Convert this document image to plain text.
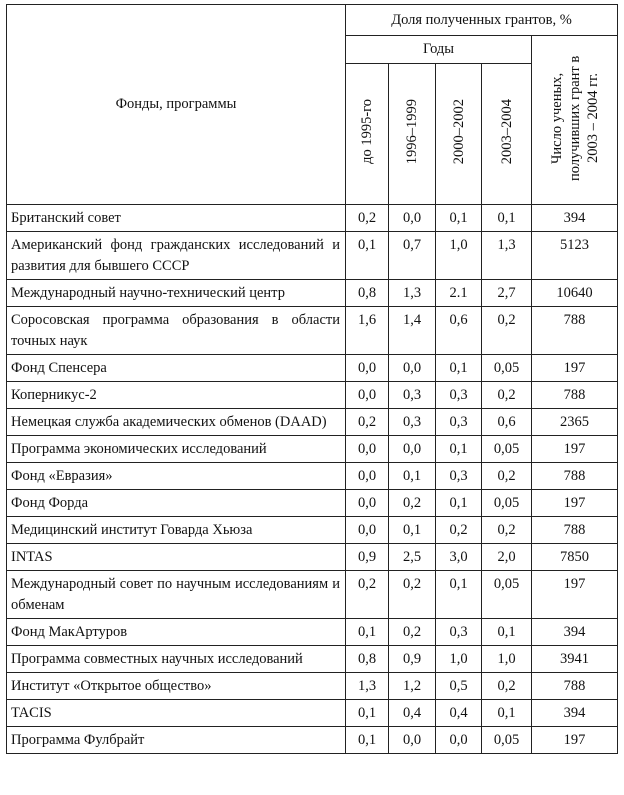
Фонды, программы	Доля полученных грантов, %				
	Годы				Число ученых, получивших грант в 2003 – 2004 гг.
	до 1995-го	1996–1999	2000–2002	2003–2004	
Британский совет	0,2	0,0	0,1	0,1	394
Американский фонд гражданских исследований и развития для бывшего СССР	0,1	0,7	1,0	1,3	5123
Международный научно-технический центр	0,8	1,3	2.1	2,7	10640
Соросовская программа образования в области точных наук	1,6	1,4	0,6	0,2	788
Фонд Спенсера	0,0	0,0	0,1	0,05	197
Коперникус-2	0,0	0,3	0,3	0,2	788
Немецкая служба академических обменов (DAAD)	0,2	0,3	0,3	0,6	2365
Программа экономических исследований	0,0	0,0	0,1	0,05	197
Фонд «Евразия»	0,0	0,1	0,3	0,2	788
Фонд Форда	0,0	0,2	0,1	0,05	197
Медицинский институт Говарда Хьюза	0,0	0,1	0,2	0,2	788
INTAS	0,9	2,5	3,0	2,0	7850
Международный совет по научным исследованиям и обменам	0,2	0,2	0,1	0,05	197
Фонд МакАртуров	0,1	0,2	0,3	0,1	394
Программа совместных научных исследований	0,8	0,9	1,0	1,0	3941
Институт «Открытое общество»	1,3	1,2	0,5	0,2	788
TACIS	0,1	0,4	0,4	0,1	394
Программа Фулбрайт	0,1	0,0	0,0	0,05	197
